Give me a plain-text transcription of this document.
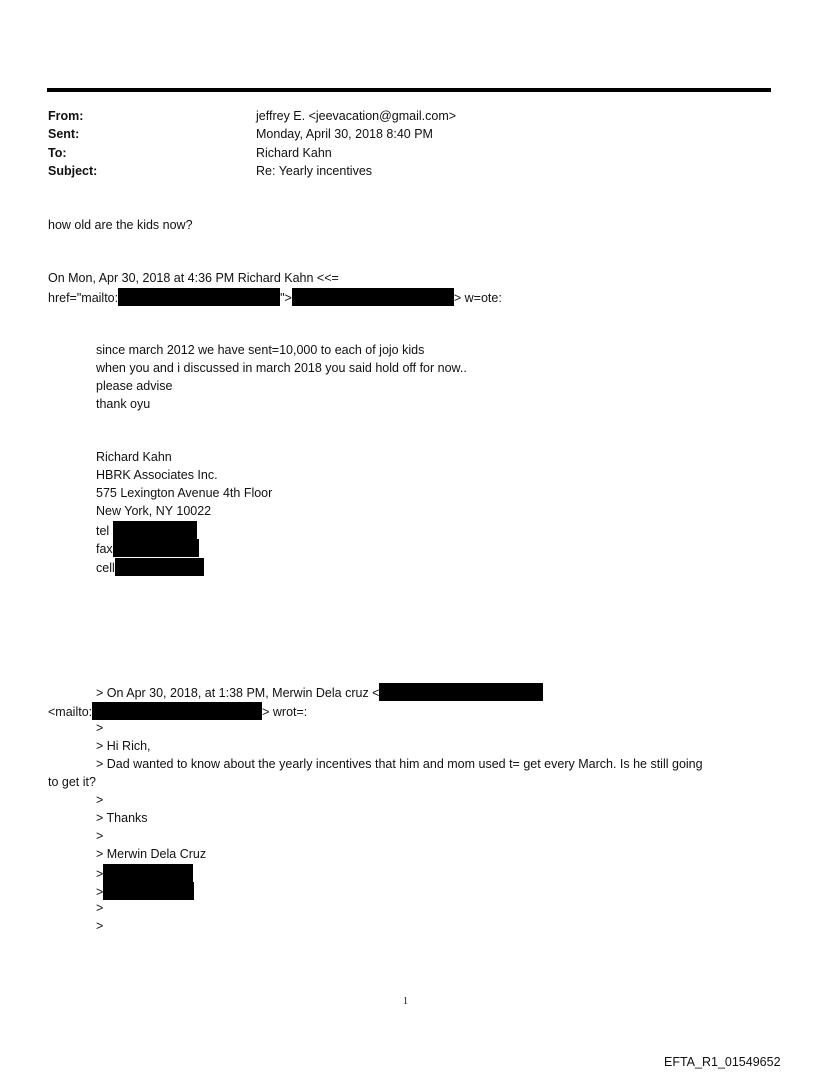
From:	jeffrey E. <jeevacation@gmail.com>
Sent:	Monday, April 30, 2018 8:40 PM
To:	Richard Kahn
Subject:	Re: Yearly incentives
how old are the kids now?
On Mon, Apr 30, 2018 at 4:36 PM Richard Kahn <<=
href="mailto:	">	> w=ote:
since march 2012 we have sent=10,000 to each of jojo kids
when you and i discussed in march 2018 you said hold off for now..
please advise
thank oyu
Richard Kahn
HBRK Associates Inc.
575 Lexington Avenue 4th Floor
New York, NY 10022
tel
fax
cell
> On Apr 30, 2018, at 1:38 PM, Merwin Dela cruz <
<mailto:	> wrot=:
>
> Hi Rich,
> Dad wanted to know about the yearly incentives that him and mom used t= get every March. Is he still going
to get it?
>
> Thanks
>
> Merwin Dela Cruz
>
>
>
>
1
EFTA_R1_01549652
